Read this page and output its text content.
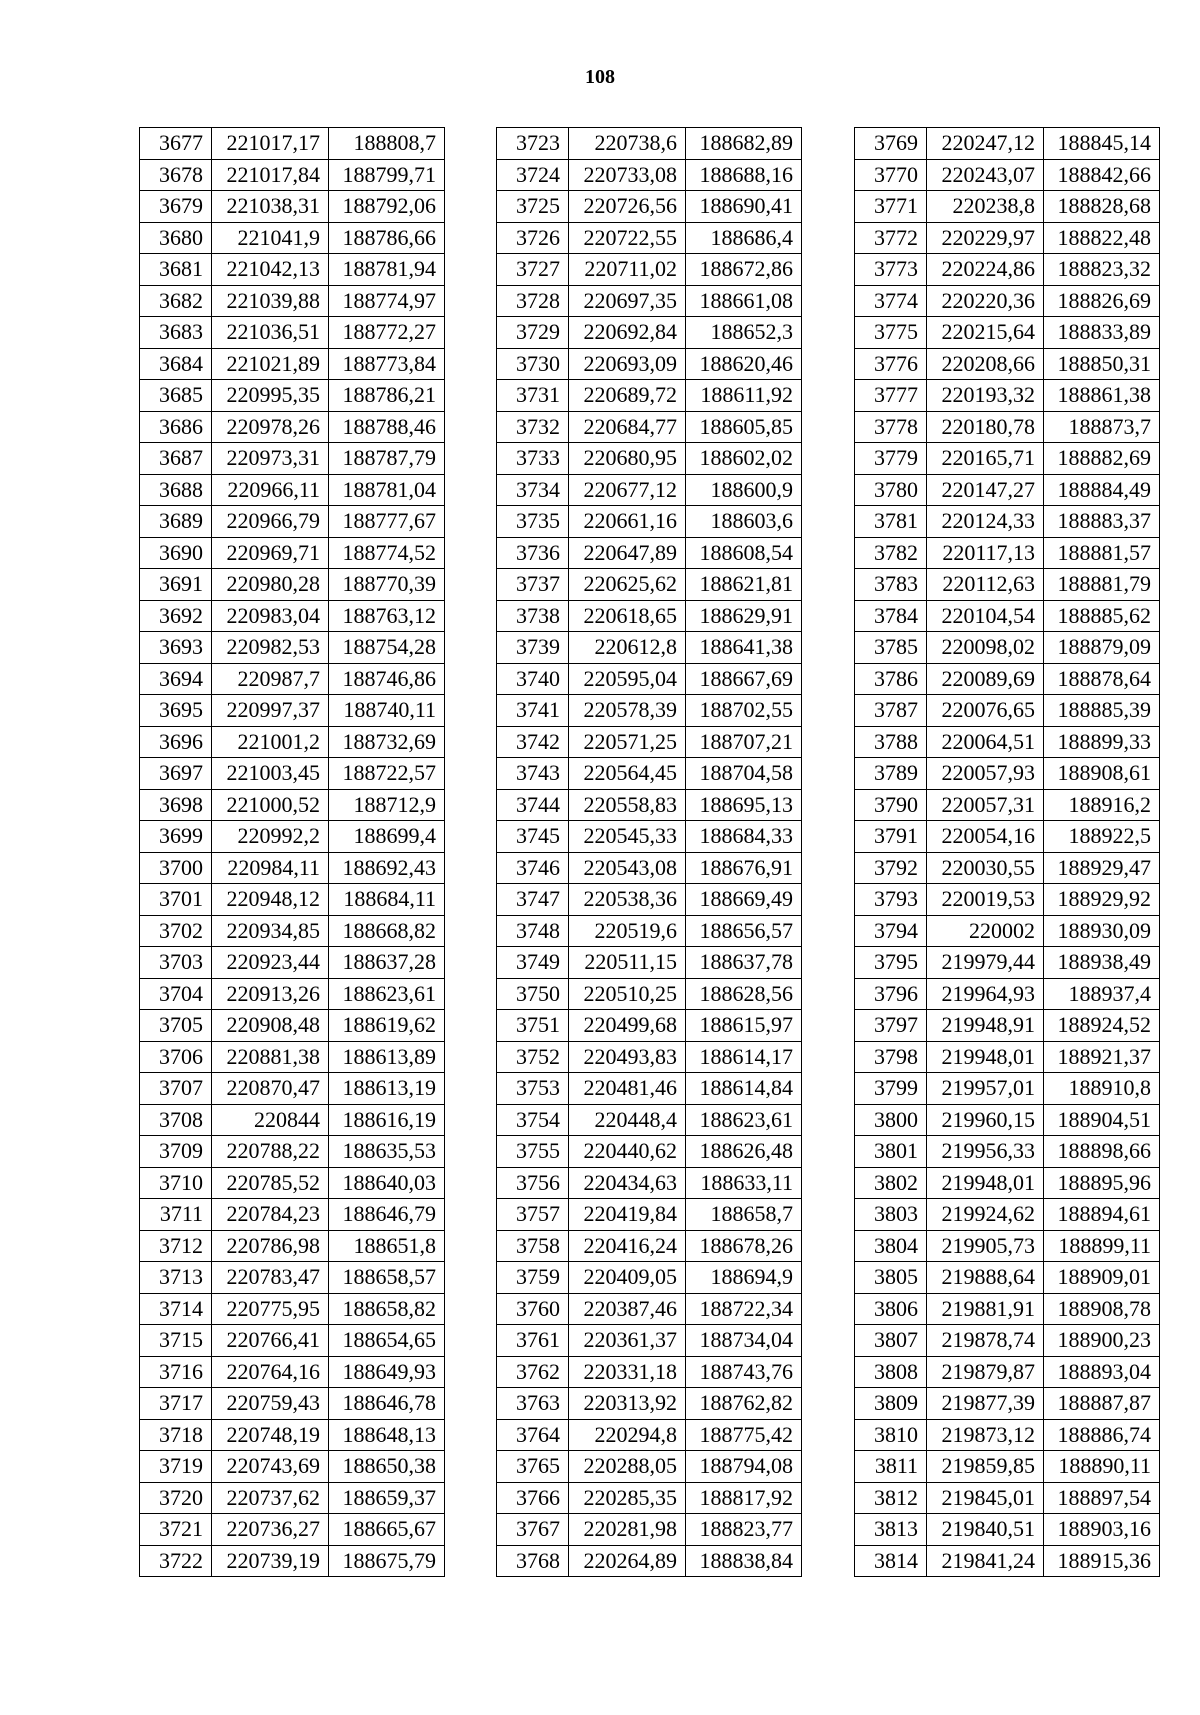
108
3677	221017,17	188808,7
3678	221017,84	188799,71
3679	221038,31	188792,06
3680	221041,9	188786,66
3681	221042,13	188781,94
3682	221039,88	188774,97
3683	221036,51	188772,27
3684	221021,89	188773,84
3685	220995,35	188786,21
3686	220978,26	188788,46
3687	220973,31	188787,79
3688	220966,11	188781,04
3689	220966,79	188777,67
3690	220969,71	188774,52
3691	220980,28	188770,39
3692	220983,04	188763,12
3693	220982,53	188754,28
3694	220987,7	188746,86
3695	220997,37	188740,11
3696	221001,2	188732,69
3697	221003,45	188722,57
3698	221000,52	188712,9
3699	220992,2	188699,4
3700	220984,11	188692,43
3701	220948,12	188684,11
3702	220934,85	188668,82
3703	220923,44	188637,28
3704	220913,26	188623,61
3705	220908,48	188619,62
3706	220881,38	188613,89
3707	220870,47	188613,19
3708	220844	188616,19
3709	220788,22	188635,53
3710	220785,52	188640,03
3711	220784,23	188646,79
3712	220786,98	188651,8
3713	220783,47	188658,57
3714	220775,95	188658,82
3715	220766,41	188654,65
3716	220764,16	188649,93
3717	220759,43	188646,78
3718	220748,19	188648,13
3719	220743,69	188650,38
3720	220737,62	188659,37
3721	220736,27	188665,67
3722	220739,19	188675,79
3723	220738,6	188682,89
3724	220733,08	188688,16
3725	220726,56	188690,41
3726	220722,55	188686,4
3727	220711,02	188672,86
3728	220697,35	188661,08
3729	220692,84	188652,3
3730	220693,09	188620,46
3731	220689,72	188611,92
3732	220684,77	188605,85
3733	220680,95	188602,02
3734	220677,12	188600,9
3735	220661,16	188603,6
3736	220647,89	188608,54
3737	220625,62	188621,81
3738	220618,65	188629,91
3739	220612,8	188641,38
3740	220595,04	188667,69
3741	220578,39	188702,55
3742	220571,25	188707,21
3743	220564,45	188704,58
3744	220558,83	188695,13
3745	220545,33	188684,33
3746	220543,08	188676,91
3747	220538,36	188669,49
3748	220519,6	188656,57
3749	220511,15	188637,78
3750	220510,25	188628,56
3751	220499,68	188615,97
3752	220493,83	188614,17
3753	220481,46	188614,84
3754	220448,4	188623,61
3755	220440,62	188626,48
3756	220434,63	188633,11
3757	220419,84	188658,7
3758	220416,24	188678,26
3759	220409,05	188694,9
3760	220387,46	188722,34
3761	220361,37	188734,04
3762	220331,18	188743,76
3763	220313,92	188762,82
3764	220294,8	188775,42
3765	220288,05	188794,08
3766	220285,35	188817,92
3767	220281,98	188823,77
3768	220264,89	188838,84
3769	220247,12	188845,14
3770	220243,07	188842,66
3771	220238,8	188828,68
3772	220229,97	188822,48
3773	220224,86	188823,32
3774	220220,36	188826,69
3775	220215,64	188833,89
3776	220208,66	188850,31
3777	220193,32	188861,38
3778	220180,78	188873,7
3779	220165,71	188882,69
3780	220147,27	188884,49
3781	220124,33	188883,37
3782	220117,13	188881,57
3783	220112,63	188881,79
3784	220104,54	188885,62
3785	220098,02	188879,09
3786	220089,69	188878,64
3787	220076,65	188885,39
3788	220064,51	188899,33
3789	220057,93	188908,61
3790	220057,31	188916,2
3791	220054,16	188922,5
3792	220030,55	188929,47
3793	220019,53	188929,92
3794	220002	188930,09
3795	219979,44	188938,49
3796	219964,93	188937,4
3797	219948,91	188924,52
3798	219948,01	188921,37
3799	219957,01	188910,8
3800	219960,15	188904,51
3801	219956,33	188898,66
3802	219948,01	188895,96
3803	219924,62	188894,61
3804	219905,73	188899,11
3805	219888,64	188909,01
3806	219881,91	188908,78
3807	219878,74	188900,23
3808	219879,87	188893,04
3809	219877,39	188887,87
3810	219873,12	188886,74
3811	219859,85	188890,11
3812	219845,01	188897,54
3813	219840,51	188903,16
3814	219841,24	188915,36
